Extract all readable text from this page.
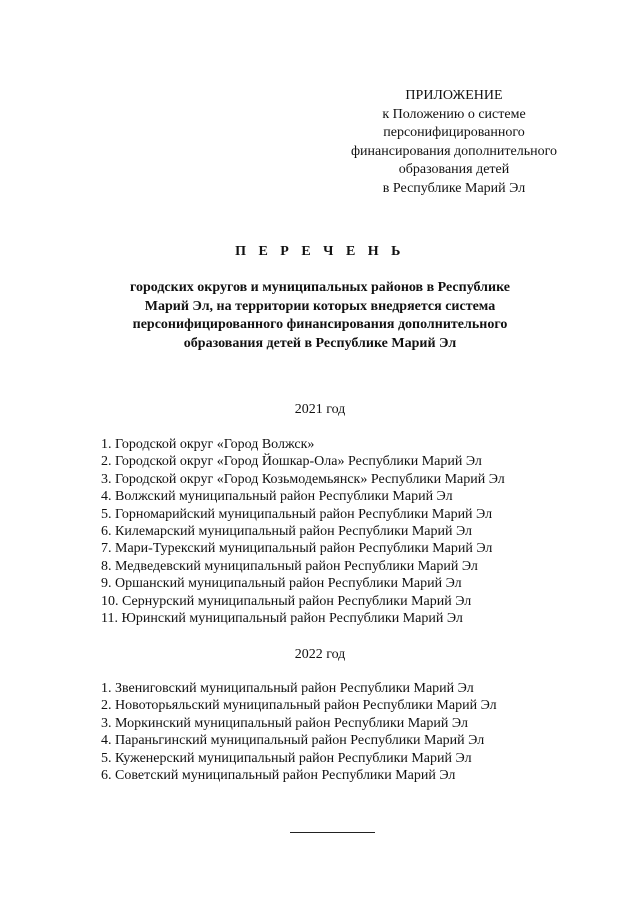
ПРИЛОЖЕНИЕ
к Положению о системе
персонифицированного
финансирования дополнительного
образования детей
в Республике Марий Эл
П Е Р Е Ч Е Н Ь
городских округов и муниципальных районов в Республике
Марий Эл, на территории которых внедряется система
персонифицированного финансирования дополнительного
образования детей в Республике Марий Эл
2021 год
1. Городской округ «Город Волжск»
2. Городской округ «Город Йошкар-Ола» Республики Марий Эл
3. Городской округ «Город Козьмодемьянск» Республики Марий Эл
4. Волжский муниципальный район Республики Марий Эл
5. Горномарийский муниципальный район Республики Марий Эл
6. Килемарский муниципальный район Республики Марий Эл
7. Мари-Турекский муниципальный район Республики Марий Эл
8. Медведевский муниципальный район Республики Марий Эл
9. Оршанский муниципальный район Республики Марий Эл
10. Сернурский муниципальный район Республики Марий Эл
11. Юринский муниципальный район Республики Марий Эл
2022 год
1. Звениговский муниципальный район Республики Марий Эл
2. Новоторьяльский муниципальный район Республики Марий Эл
3. Моркинский муниципальный район Республики Марий Эл
4. Параньгинский муниципальный район Республики Марий Эл
5. Куженерский муниципальный район Республики Марий Эл
6. Советский муниципальный район Республики Марий Эл
